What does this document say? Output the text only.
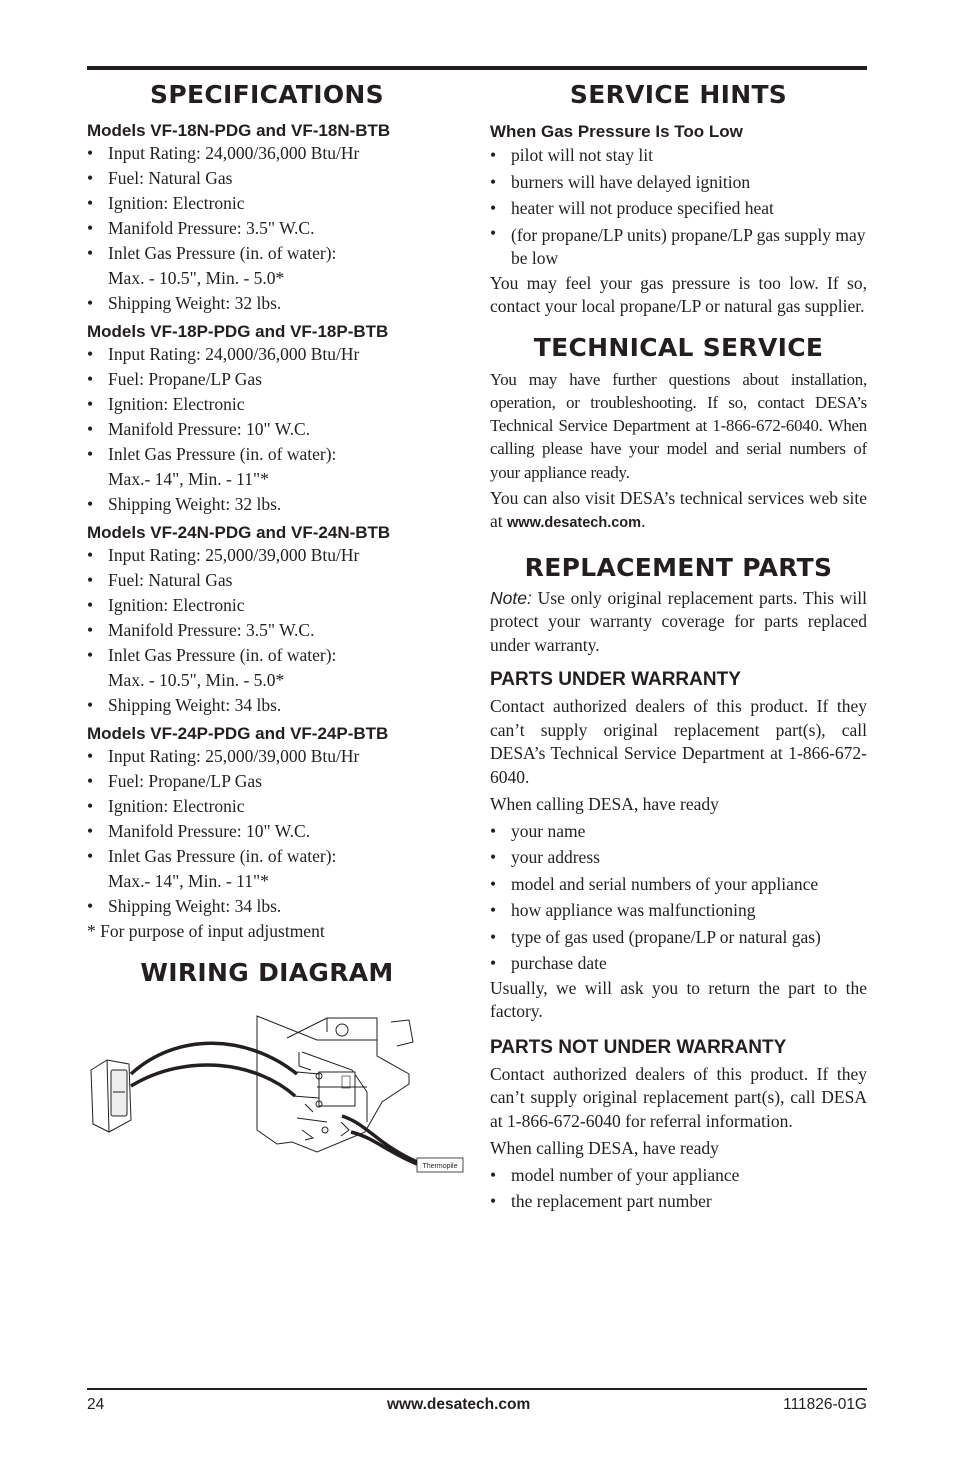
SPECIFICATIONS
Models VF-18N-PDG and VF-18N-BTB
• Input Rating: 24,000/36,000 Btu/Hr
• Fuel: Natural Gas
• Ignition: Electronic
• Manifold Pressure: 3.5" W.C.
• Inlet Gas Pressure (in. of water):
Max. - 10.5", Min. - 5.0*
• Shipping Weight: 32 lbs.
Models VF-18P-PDG and VF-18P-BTB
• Input Rating: 24,000/36,000 Btu/Hr
• Fuel: Propane/LP Gas
• Ignition: Electronic
• Manifold Pressure: 10" W.C.
• Inlet Gas Pressure (in. of water):
Max.- 14", Min. - 11"*
• Shipping Weight: 32 lbs.
Models VF-24N-PDG and VF-24N-BTB
• Input Rating: 25,000/39,000 Btu/Hr
• Fuel: Natural Gas
• Ignition: Electronic
• Manifold Pressure: 3.5" W.C.
• Inlet Gas Pressure (in. of water):
Max. - 10.5", Min. - 5.0*
• Shipping Weight: 34 lbs.
Models VF-24P-PDG and VF-24P-BTB
• Input Rating: 25,000/39,000 Btu/Hr
• Fuel: Propane/LP Gas
• Ignition: Electronic
• Manifold Pressure: 10" W.C.
• Inlet Gas Pressure (in. of water):
Max.- 14", Min. - 11"*
• Shipping Weight: 34 lbs.
* For purpose of input adjustment
WIRING DIAGRAM
Thermopile
SERVICE HINTS
When Gas Pressure Is Too Low
• pilot will not stay lit
• burners will have delayed ignition
• heater will not produce specified heat
• (for propane/LP units) propane/LP gas supply may be low

You may feel your gas pressure is too low. If so, contact your local propane/LP or natural gas supplier.

TECHNICAL SERVICE

You may have further questions about installation, operation, or troubleshooting. If so, contact DESA’s Technical Service Department at 1-866-672-6040. When calling please have your model and serial numbers of your appliance ready.

You can also visit DESA’s technical services web site at www.desatech.com.

REPLACEMENT PARTS

Note: Use only original replacement parts. This will protect your warranty coverage for parts replaced under warranty.

PARTS UNDER WARRANTY

Contact authorized dealers of this product. If they can’t supply original replacement part(s), call DESA’s Technical Service Department at 1-866-672-6040.

When calling DESA, have ready

• your name
• your address
• model and serial numbers of your appliance
• how appliance was malfunctioning
• type of gas used (propane/LP or natural gas)
• purchase date

Usually, we will ask you to return the part to the factory.

PARTS NOT UNDER WARRANTY

Contact authorized dealers of this product. If they can’t supply original replacement part(s), call DESA at 1-866-672-6040 for referral information.

When calling DESA, have ready

• model number of your appliance
• the replacement part number
24	www.desatech.com	111826-01G
